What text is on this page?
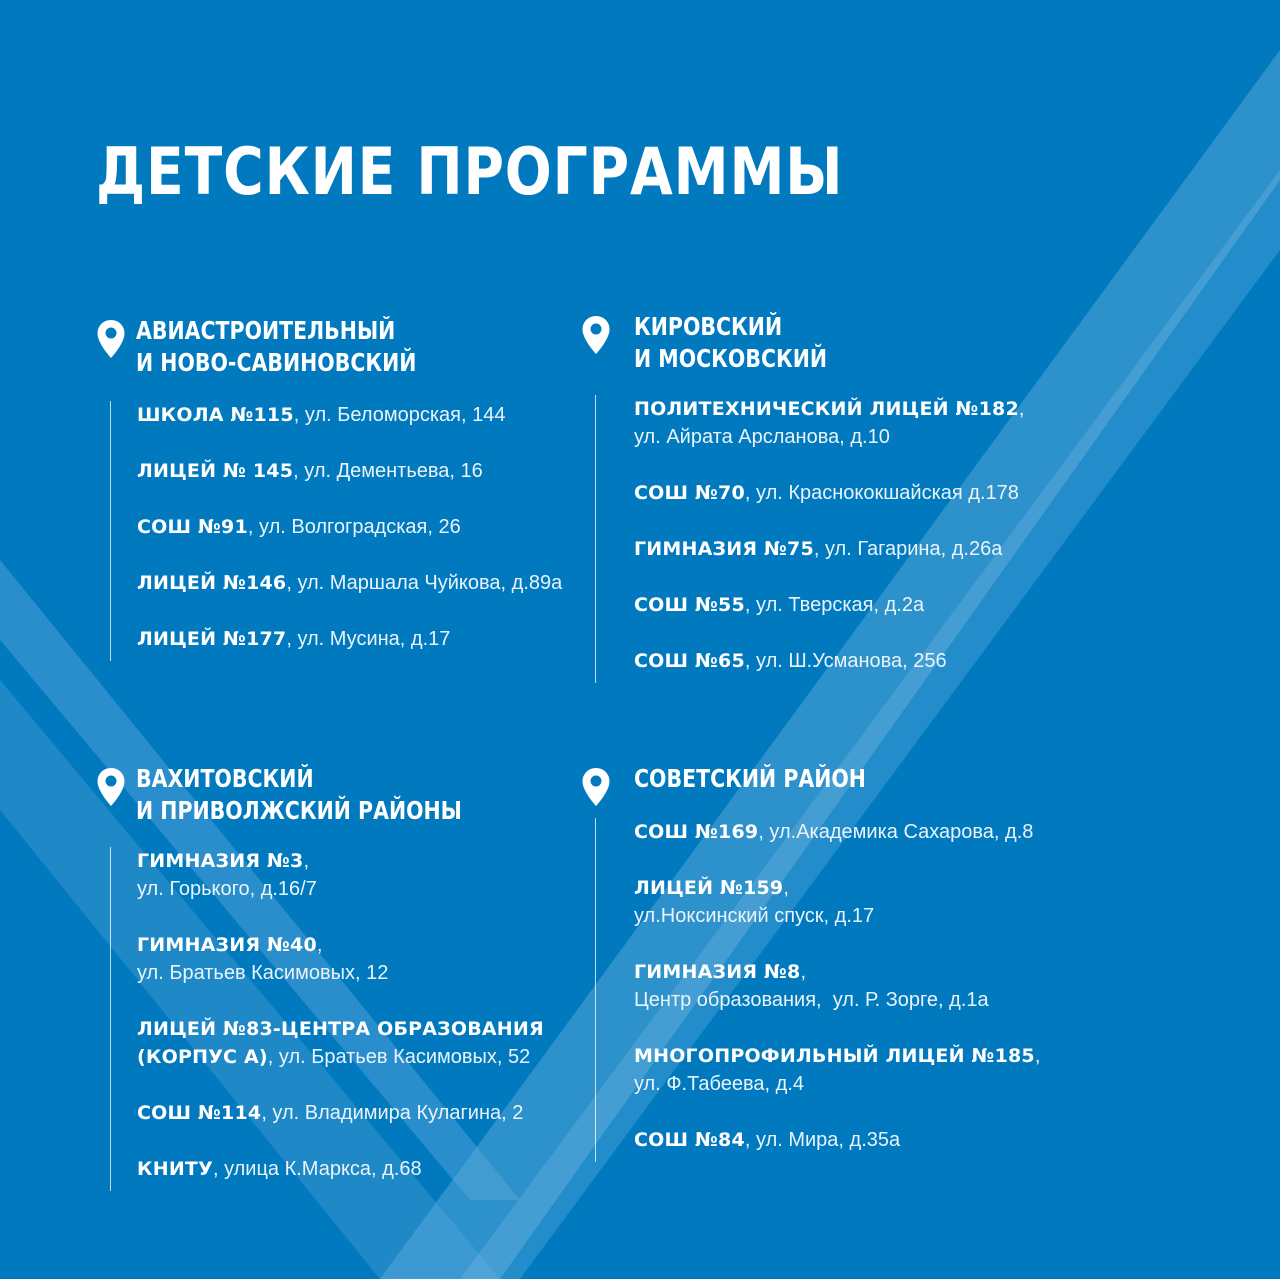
ДЕТСКИЕ ПРОГРАММЫ
АВИАСТРОИТЕЛЬНЫЙ
И НОВО-САВИНОВСКИЙ
ШКОЛА №115, ул. Беломорская, 144
ЛИЦЕЙ № 145, ул. Дементьева, 16
СОШ №91, ул. Волгоградская, 26
ЛИЦЕЙ №146, ул. Маршала Чуйкова, д.89а
ЛИЦЕЙ №177, ул. Мусина, д.17
КИРОВСКИЙ
И МОСКОВСКИЙ
ПОЛИТЕХНИЧЕСКИЙ ЛИЦЕЙ №182,
ул. Айрата Арсланова, д.10
СОШ №70, ул. Краснококшайская д.178
ГИМНАЗИЯ №75, ул. Гагарина, д.26а
СОШ №55, ул. Тверская, д.2а
СОШ №65, ул. Ш.Усманова, 256
ВАХИТОВСКИЙ
И ПРИВОЛЖСКИЙ РАЙОНЫ
ГИМНАЗИЯ №3,
ул. Горького, д.16/7
ГИМНАЗИЯ №40,
ул. Братьев Касимовых, 12
ЛИЦЕЙ №83-ЦЕНТРА ОБРАЗОВАНИЯ
(КОРПУС А), ул. Братьев Касимовых, 52
СОШ №114, ул. Владимира Кулагина, 2
КНИТУ, улица К.Маркса, д.68
СОВЕТСКИЙ РАЙОН
СОШ №169, ул.Академика Сахарова, д.8
ЛИЦЕЙ №159,
ул.Ноксинский спуск, д.17
ГИМНАЗИЯ №8,
Центр образования,  ул. Р. Зорге, д.1а
МНОГОПРОФИЛЬНЫЙ ЛИЦЕЙ №185,
ул. Ф.Табеева, д.4
СОШ №84, ул. Мира, д.35а
